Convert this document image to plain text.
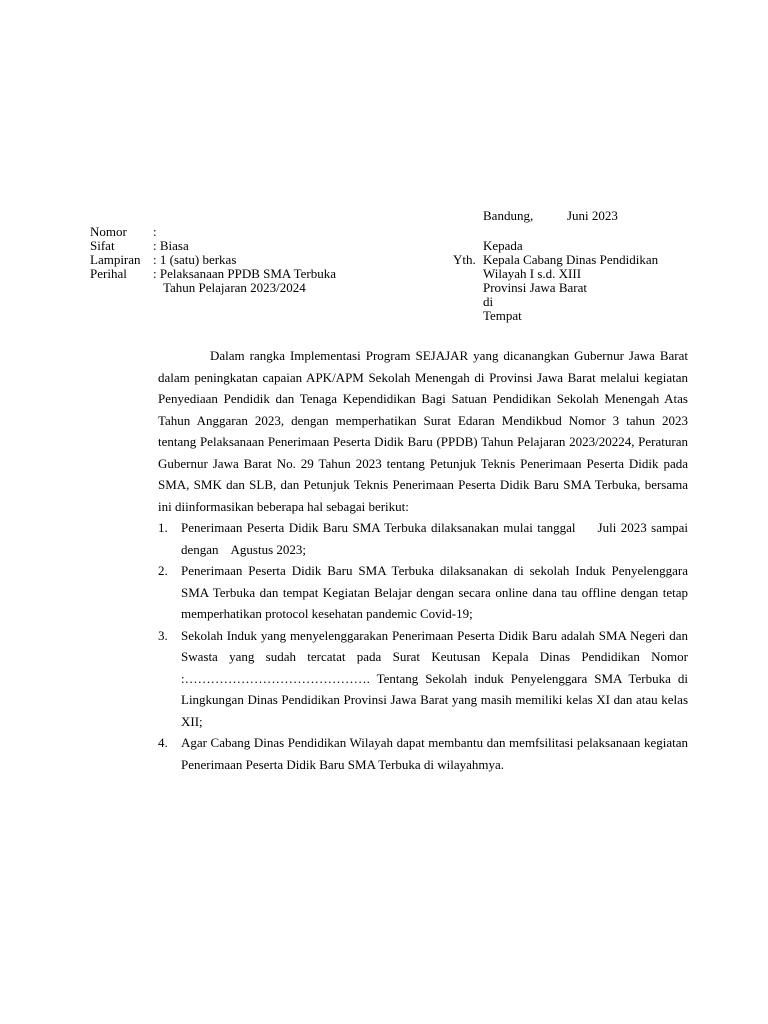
Bandung,	Juni 2023
Nomor :
Sifat	: Biasa
Lampiran : 1 (satu) berkas
Perihal : Pelaksanaan PPDB SMA Terbuka
Tahun Pelajaran 2023/2024
Kepada
Yth. Kepala Cabang Dinas Pendidikan
Wilayah I s.d. XIII
Provinsi Jawa Barat
di
Tempat

Dalam rangka Implementasi Program SEJAJAR yang dicanangkan Gubernur Jawa Barat dalam peningkatan capaian APK/APM Sekolah Menengah di Provinsi Jawa Barat melalui kegiatan Penyediaan Pendidik dan Tenaga Kependidikan Bagi Satuan Pendidikan Sekolah Menengah Atas Tahun Anggaran 2023, dengan memperhatikan Surat Edaran Mendikbud Nomor 3 tahun 2023 tentang Pelaksanaan Penerimaan Peserta Didik Baru (PPDB) Tahun Pelajaran 2023/20224, Peraturan Gubernur Jawa Barat No. 29 Tahun 2023 tentang Petunjuk Teknis Penerimaan Peserta Didik pada SMA, SMK dan SLB, dan Petunjuk Teknis Penerimaan Peserta Didik Baru SMA Terbuka, bersama ini diinformasikan beberapa hal sebagai berikut:

1. Penerimaan Peserta Didik Baru SMA Terbuka dilaksanakan mulai tanggal Juli 2023 sampai dengan Agustus 2023;
2. Penerimaan Peserta Didik Baru SMA Terbuka dilaksanakan di sekolah Induk Penyelenggara SMA Terbuka dan tempat Kegiatan Belajar dengan secara online dana tau offline dengan tetap memperhatikan protocol kesehatan pandemic Covid-19;
3. Sekolah Induk yang menyelenggarakan Penerimaan Peserta Didik Baru adalah SMA Negeri dan Swasta yang sudah tercatat pada Surat Keutusan Kepala Dinas Pendidikan Nomor :……………………………………. Tentang Sekolah induk Penyelenggara SMA Terbuka di Lingkungan Dinas Pendidikan Provinsi Jawa Barat yang masih memiliki kelas XI dan atau kelas XII;
4. Agar Cabang Dinas Pendidikan Wilayah dapat membantu dan memfsilitasi pelaksanaan kegiatan Penerimaan Peserta Didik Baru SMA Terbuka di wilayahmya.
